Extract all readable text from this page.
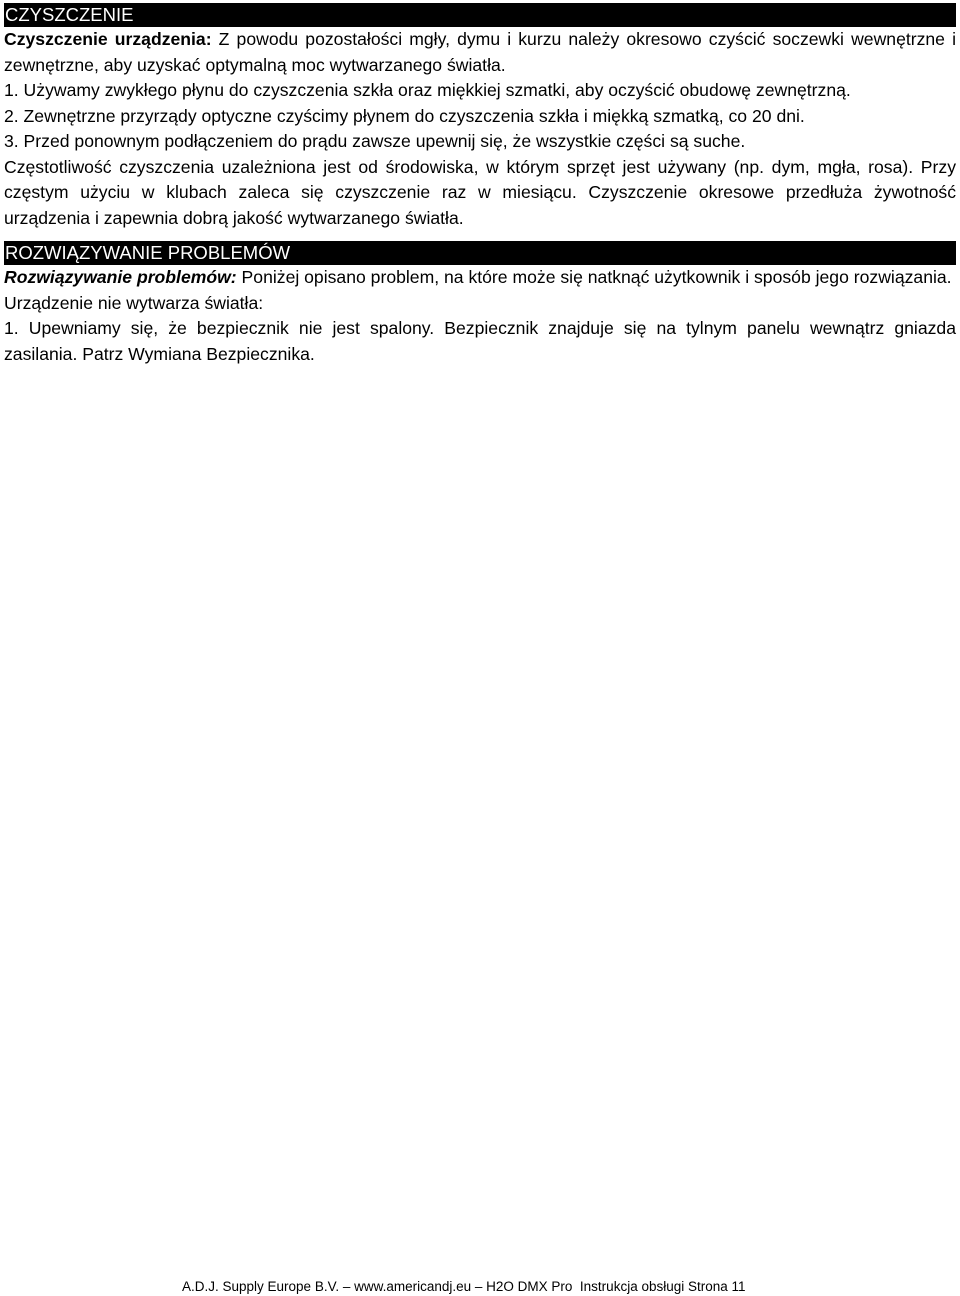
CZYSZCZENIE

Czyszczenie urządzenia: Z powodu pozostałości mgły, dymu i kurzu należy okresowo czyścić soczewki wewnętrzne i zewnętrzne, aby uzyskać optymalną moc wytwarzanego światła.

1. Używamy zwykłego płynu do czyszczenia szkła oraz miękkiej szmatki, aby oczyścić obudowę zewnętrzną.

2. Zewnętrzne przyrządy optyczne czyścimy płynem do czyszczenia szkła i miękką szmatką, co 20 dni.

3. Przed ponownym podłączeniem do prądu zawsze upewnij się, że wszystkie części są suche.

Częstotliwość czyszczenia uzależniona jest od środowiska, w którym sprzęt jest używany (np. dym, mgła, rosa). Przy częstym użyciu w klubach zaleca się czyszczenie raz w miesiącu. Czyszczenie okresowe przedłuża żywotność urządzenia i zapewnia dobrą jakość wytwarzanego światła.

ROZWIĄZYWANIE PROBLEMÓW

Rozwiązywanie problemów: Poniżej opisano problem, na które może się natknąć użytkownik i sposób jego rozwiązania.

Urządzenie nie wytwarza światła:

1. Upewniamy się, że bezpiecznik nie jest spalony. Bezpiecznik znajduje się na tylnym panelu wewnątrz gniazda zasilania. Patrz Wymiana Bezpiecznika.

A.D.J. Supply Europe B.V. – www.americandj.eu – H2O DMX Pro  Instrukcja obsługi Strona 11
